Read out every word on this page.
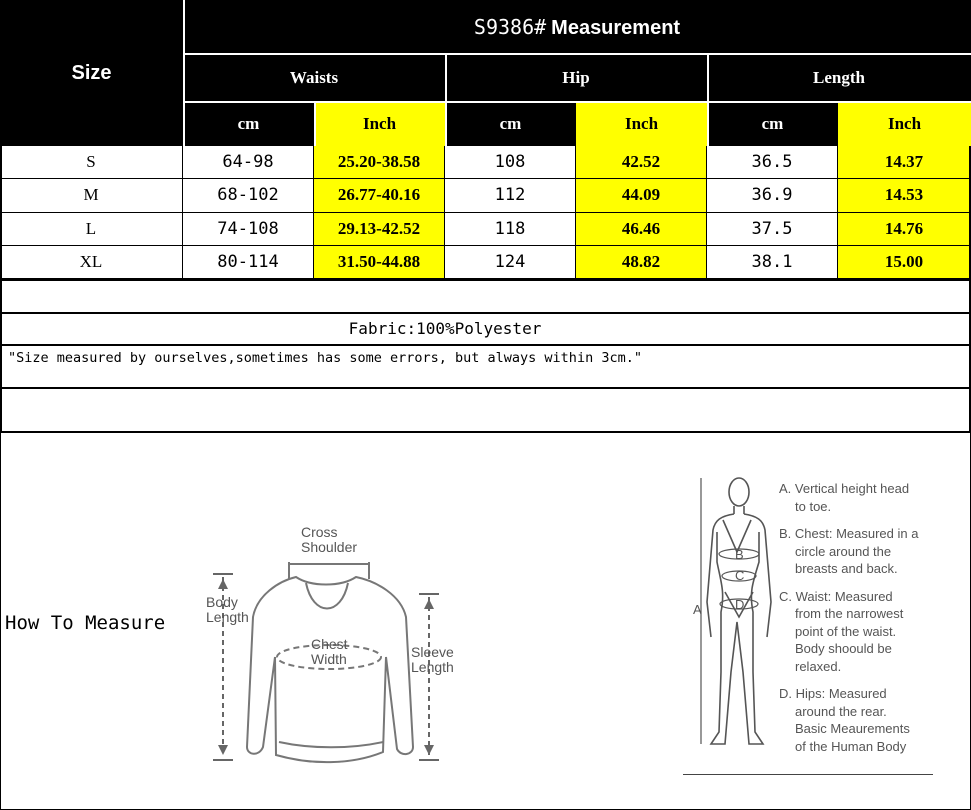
S9386# Measurement
Waists	Hip	Length
Size
cm	Inch	cm	Inch	cm	Inch
S	64-98	25.20-38.58	108	42.52	36.5	14.37
M	68-102	26.77-40.16	112	44.09	36.9	14.53
L	74-108	29.13-42.52	118	46.46	37.5	14.76
XL	80-114	31.50-44.88	124	48.82	38.1	15.00
Fabric:100%Polyester
"Size measured by ourselves,sometimes has some errors, but always within 3cm."
How To Measure
Cross
Shoulder
Body
Length
Chest
Width	Sleeve
Length
A
B
C
D
A. Vertical height head
to toe.
B. Chest: Measured in a
circle around the
breasts and back.
C. Waist: Measured
from the narrowest
point of the waist.
Body shoould be
relaxed.
D. Hips: Measured
around the rear.
Basic Meaurements
of the Human Body
